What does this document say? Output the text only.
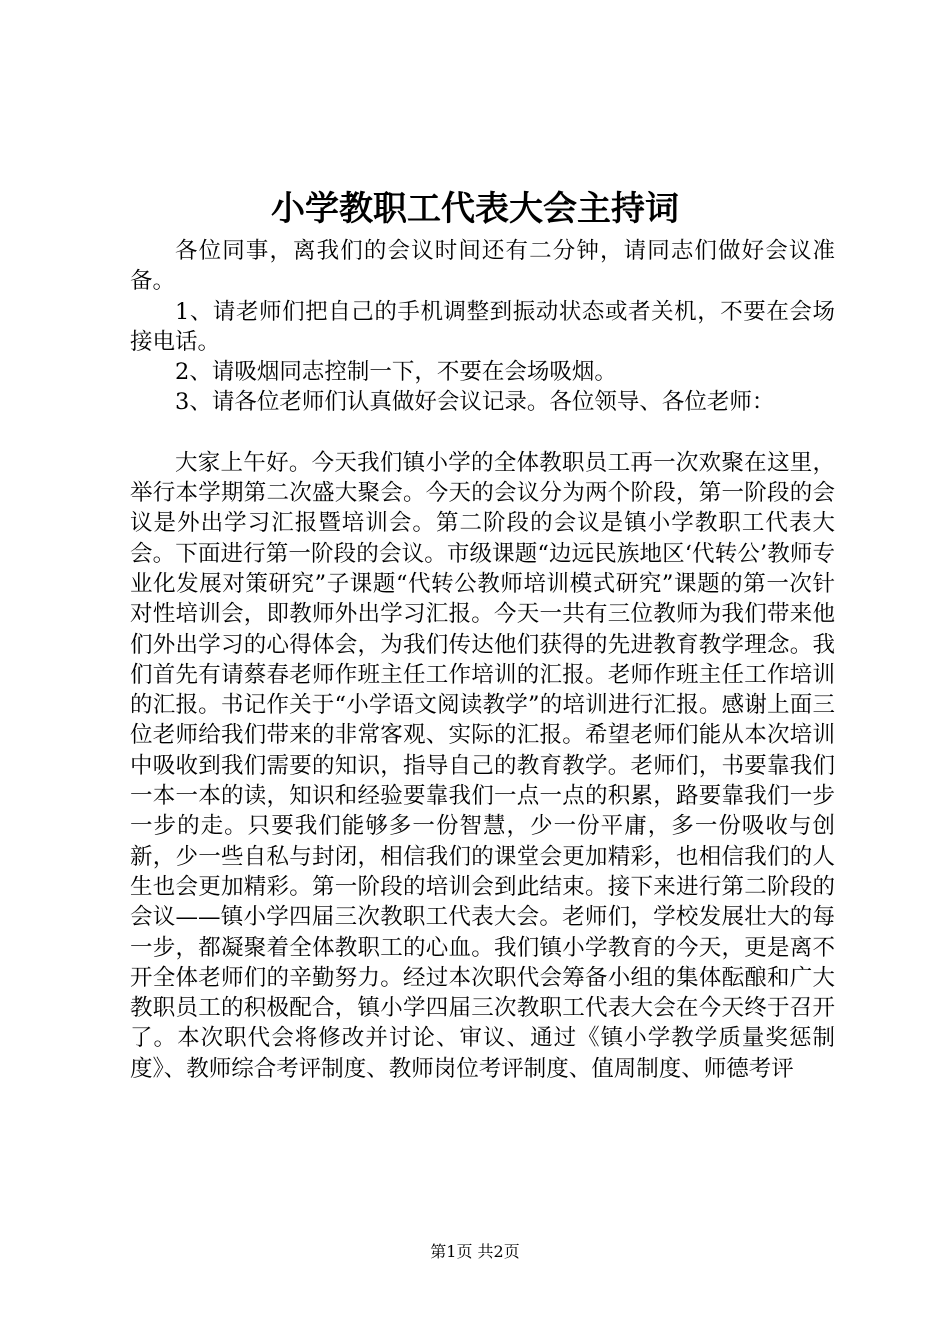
小学教职工代表大会主持词

各位同事，离我们的会议时间还有二分钟，请同志们做好会议准备。

1、请老师们把自己的手机调整到振动状态或者关机，不要在会场接电话。

2、请吸烟同志控制一下，不要在会场吸烟。

3、请各位老师们认真做好会议记录。各位领导、各位老师：

大家上午好。今天我们镇小学的全体教职员工再一次欢聚在这里，举行本学期第二次盛大聚会。今天的会议分为两个阶段，第一阶段的会议是外出学习汇报暨培训会。第二阶段的会议是镇小学教职工代表大会。下面进行第一阶段的会议。市级课题“边远民族地区‘代转公’教师专业化发展对策研究”子课题“代转公教师培训模式研究”课题的第一次针对性培训会，即教师外出学习汇报。今天一共有三位教师为我们带来他们外出学习的心得体会，为我们传达他们获得的先进教育教学理念。我们首先有请蔡春老师作班主任工作培训的汇报。老师作班主任工作培训的汇报。书记作关于“小学语文阅读教学”的培训进行汇报。感谢上面三位老师给我们带来的非常客观、实际的汇报。希望老师们能从本次培训中吸收到我们需要的知识，指导自己的教育教学。老师们，书要靠我们一本一本的读，知识和经验要靠我们一点一点的积累，路要靠我们一步一步的走。只要我们能够多一份智慧，少一份平庸，多一份吸收与创新，少一些自私与封闭，相信我们的课堂会更加精彩，也相信我们的人生也会更加精彩。第一阶段的培训会到此结束。接下来进行第二阶段的会议——镇小学四届三次教职工代表大会。老师们，学校发展壮大的每一步，都凝聚着全体教职工的心血。我们镇小学教育的今天，更是离不开全体老师们的辛勤努力。经过本次职代会筹备小组的集体酝酿和广大教职员工的积极配合，镇小学四届三次教职工代表大会在今天终于召开了。本次职代会将修改并讨论、审议、通过《镇小学教学质量奖惩制度》、教师综合考评制度、教师岗位考评制度、值周制度、师德考评

第1页 共2页
